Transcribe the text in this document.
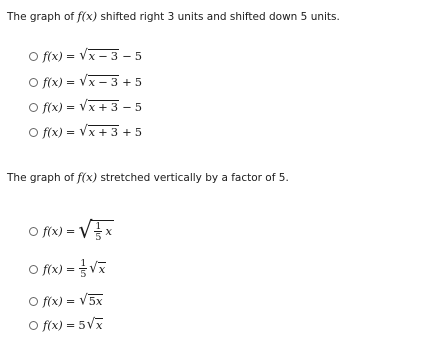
The graph of f(x) shifted right 3 units and shifted down 5 units.
f(x) = √ x − 3 − 5
f(x) = √ x − 3 + 5
f(x) = √ x + 3 − 5
f(x) = √ x + 3 + 5
The graph of f(x) stretched vertically by a factor of 5.
f(x) = √ $\frac{1}{5}$ x
$f(x) = \frac{1}{5}$ √ x
f(x) = √ 5 x
f(x) = 5 √ x
